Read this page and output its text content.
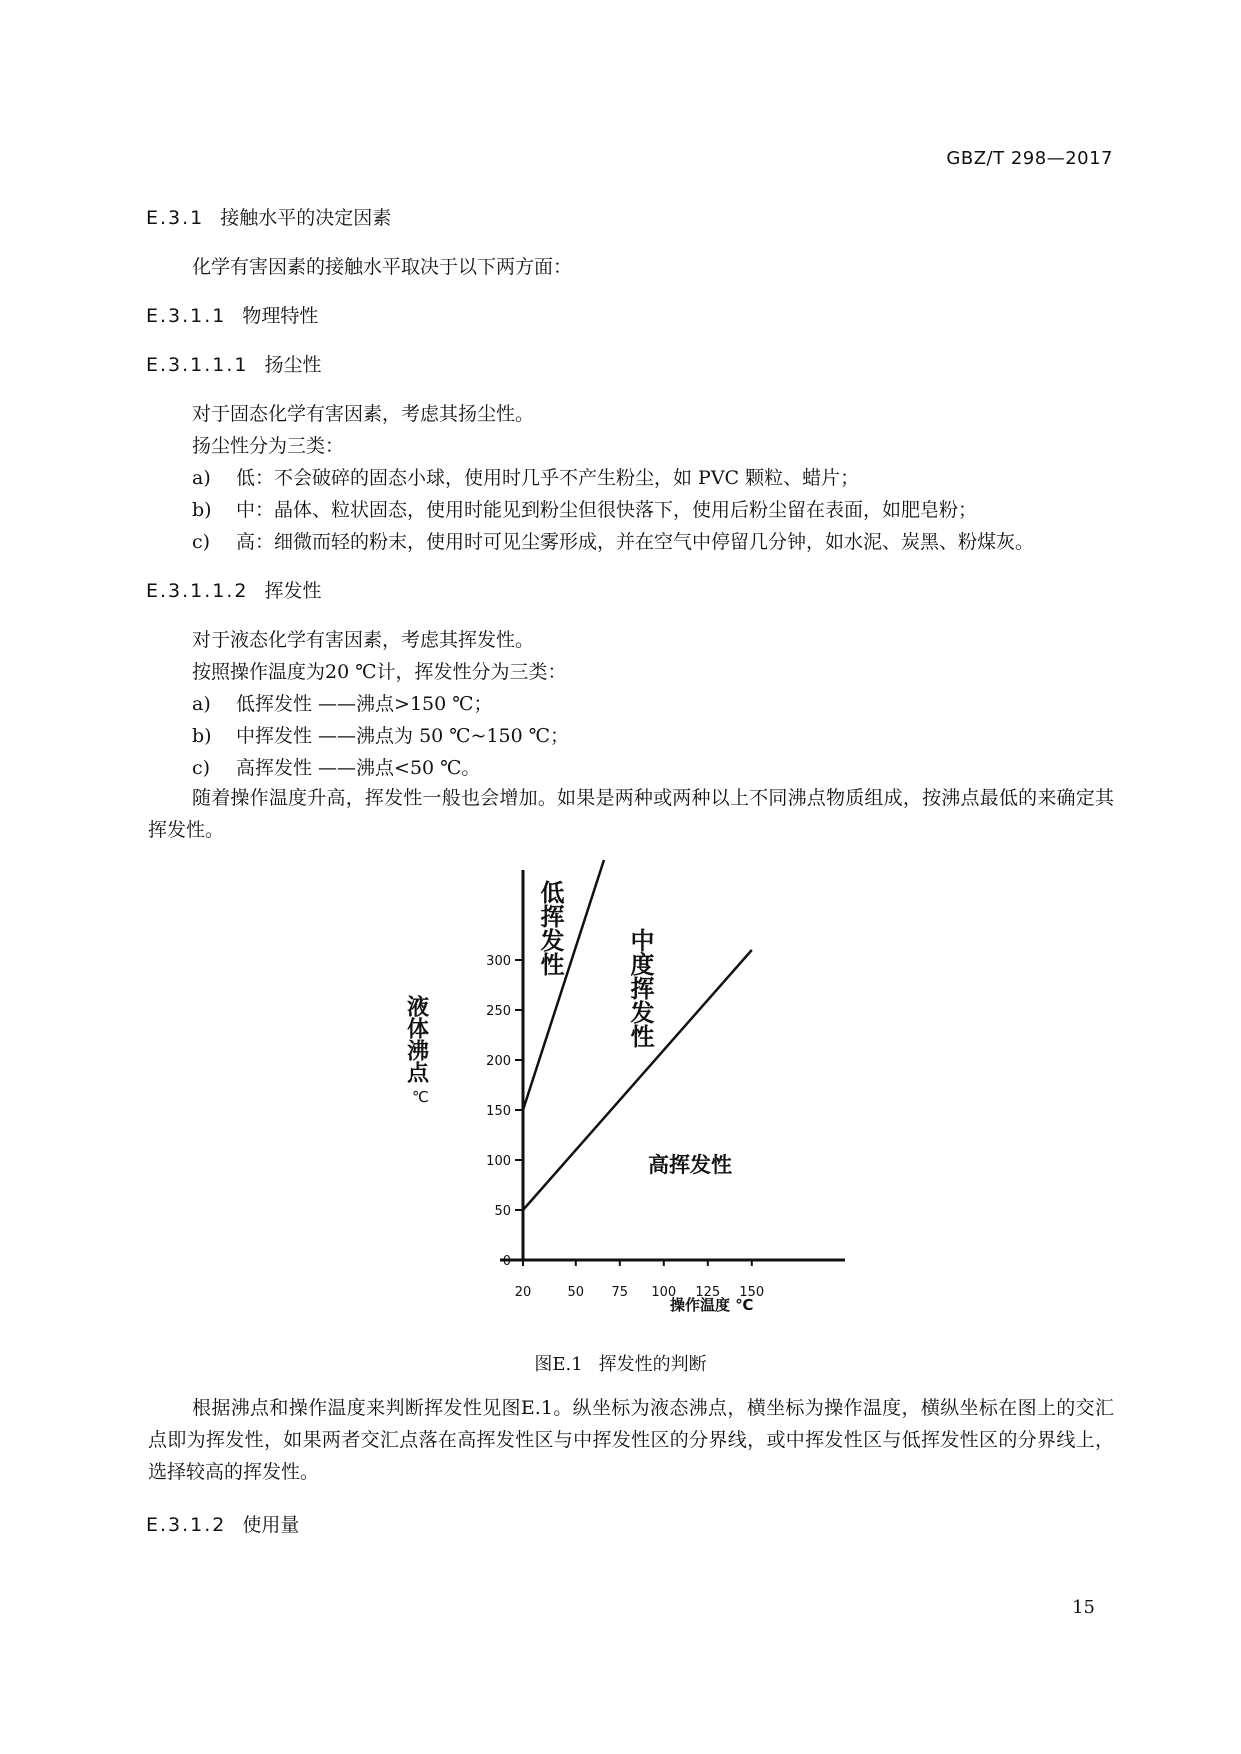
GBZ/T 298—2017
E.3.1 接触水平的决定因素
化学有害因素的接触水平取决于以下两方面：
E.3.1.1 物理特性
E.3.1.1.1 扬尘性
对于固态化学有害因素，考虑其扬尘性。
扬尘性分为三类：
a) 低：不会破碎的固态小球，使用时几乎不产生粉尘，如 PVC 颗粒、蜡片；
b) 中：晶体、粒状固态，使用时能见到粉尘但很快落下，使用后粉尘留在表面，如肥皂粉；
c) 高：细微而轻的粉末，使用时可见尘雾形成，并在空气中停留几分钟，如水泥、炭黑、粉煤灰。
E.3.1.1.2 挥发性
对于液态化学有害因素，考虑其挥发性。
按照操作温度为20 ℃计，挥发性分为三类：
a) 低挥发性 ——沸点>150 ℃；
b) 中挥发性 ——沸点为 50 ℃~150 ℃；
c) 高挥发性 ——沸点<50 ℃。
随着操作温度升高，挥发性一般也会增加。如果是两种或两种以上不同沸点物质组成，按沸点最低的来确定其挥发性。
0
50
100
150
200
250
300
20	50 75 100 125 150
液体沸点
℃
操作温度 ℃
低挥发性	中度挥发性
高挥发性
图E.1 挥发性的判断
根据沸点和操作温度来判断挥发性见图E.1。纵坐标为液态沸点，横坐标为操作温度，横纵坐标在图上的交汇点即为挥发性，如果两者交汇点落在高挥发性区与中挥发性区的分界线，或中挥发性区与低挥发性区的分界线上，选择较高的挥发性。
E.3.1.2 使用量
15
